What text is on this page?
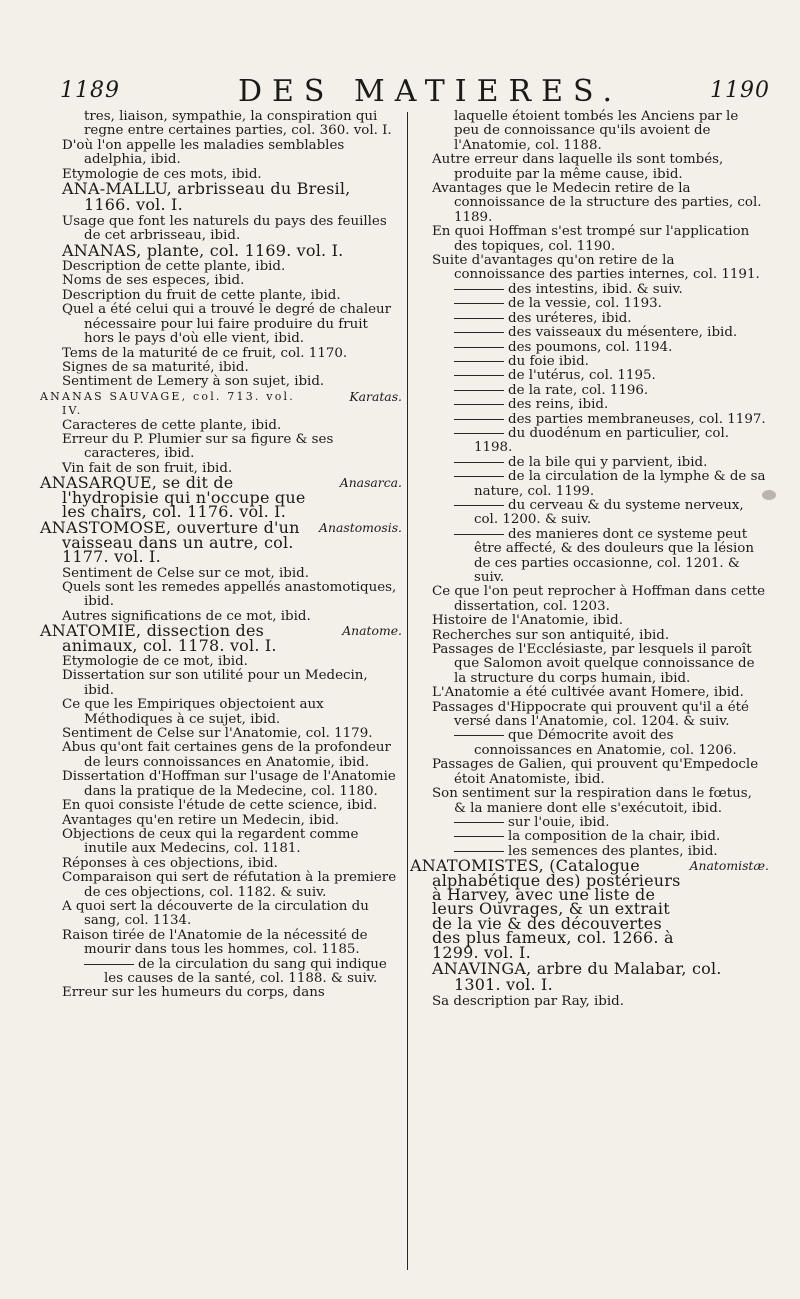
1189	DES MATIERES.	1190

tres, liaison, sympathie, la conspiration qui regne entre certaines parties, col. 360. vol. I.

D'où l'on appelle les maladies semblables adelphia, ibid.

Etymologie de ces mots, ibid.

ANA-MALLU, arbrisseau du Bresil, 1166. vol. I.

Usage que font les naturels du pays des feuilles de cet arbrisseau, ibid.

ANANAS, plante, col. 1169. vol. I.

Description de cette plante, ibid.

Noms de ses especes, ibid.

Description du fruit de cette plante, ibid.

Quel a été celui qui a trouvé le degré de chaleur nécessaire pour lui faire produire du fruit hors le pays d'où elle vient, ibid.

Tems de la maturité de ce fruit, col. 1170.

Signes de sa maturité, ibid.

Sentiment de Lemery à son sujet, ibid.

ANANAS SAUVAGE, col. 713. vol. IV.
Karatas.

Caracteres de cette plante, ibid.

Erreur du P. Plumier sur sa figure & ses caracteres, ibid.

Vin fait de son fruit, ibid.

ANASARQUE, se dit de l'hydropisie qui n'occupe que les chairs, col. 1176. vol. I.
Anasarca.

ANASTOMOSE, ouverture d'un vaisseau dans un autre, col. 1177. vol. I.
Anastomosis.

Sentiment de Celse sur ce mot, ibid.

Quels sont les remedes appellés anastomotiques, ibid.

Autres significations de ce mot, ibid.

ANATOMIE, dissection des animaux, col. 1178. vol. I.
Anatome.

Etymologie de ce mot, ibid.

Dissertation sur son utilité pour un Medecin, ibid.

Ce que les Empiriques objectoient aux Méthodiques à ce sujet, ibid.

Sentiment de Celse sur l'Anatomie, col. 1179.

Abus qu'ont fait certaines gens de la profondeur de leurs connoissances en Anatomie, ibid.

Dissertation d'Hoffman sur l'usage de l'Anatomie dans la pratique de la Medecine, col. 1180.

En quoi consiste l'étude de cette science, ibid.

Avantages qu'en retire un Medecin, ibid.

Objections de ceux qui la regardent comme inutile aux Medecins, col. 1181.

Réponses à ces objections, ibid.

Comparaison qui sert de réfutation à la premiere de ces objections, col. 1182. & suiv.

A quoi sert la découverte de la circulation du sang, col. 1134.

Raison tirée de l'Anatomie de la nécessité de mourir dans tous les hommes, col. 1185.

de la circulation du sang qui indique les causes de la santé, col. 1188. & suiv.

Erreur sur les humeurs du corps, dans

laquelle étoient tombés les Anciens par le peu de connoissance qu'ils avoient de l'Anatomie, col. 1188.

Autre erreur dans laquelle ils sont tombés, produite par la même cause, ibid.

Avantages que le Medecin retire de la connoissance de la structure des parties, col. 1189.

En quoi Hoffman s'est trompé sur l'application des topiques, col. 1190.

Suite d'avantages qu'on retire de la connoissance des parties internes, col. 1191.

des intestins, ibid. & suiv.

de la vessie, col. 1193.

des uréteres, ibid.

des vaisseaux du mésentere, ibid.

des poumons, col. 1194.

du foie ibid.

de l'utérus, col. 1195.

de la rate, col. 1196.

des reins, ibid.

des parties membraneuses, col. 1197.

du duodénum en particulier, col. 1198.

de la bile qui y parvient, ibid.

de la circulation de la lymphe & de sa nature, col. 1199.

du cerveau & du systeme nerveux, col. 1200. & suiv.

des manieres dont ce systeme peut être affecté, & des douleurs que la lésion de ces parties occasionne, col. 1201. & suiv.

Ce que l'on peut reprocher à Hoffman dans cette dissertation, col. 1203.

Histoire de l'Anatomie, ibid.

Recherches sur son antiquité, ibid.

Passages de l'Ecclésiaste, par lesquels il paroît que Salomon avoit quelque connoissance de la structure du corps humain, ibid.

L'Anatomie a été cultivée avant Homere, ibid.

Passages d'Hippocrate qui prouvent qu'il a été versé dans l'Anatomie, col. 1204. & suiv.

que Démocrite avoit des connoissances en Anatomie, col. 1206.

Passages de Galien, qui prouvent qu'Empedocle étoit Anatomiste, ibid.

Son sentiment sur la respiration dans le fœtus, & la maniere dont elle s'exécutoit, ibid.

sur l'ouie, ibid.

la composition de la chair, ibid.

les semences des plantes, ibid.

ANATOMISTES, (Catalogue alphabétique des) postérieurs à Harvey, avec une liste de leurs Ouvrages, & un extrait de la vie & des découvertes des plus fameux, col. 1266. à 1299. vol. I.
Anatomistæ.

ANAVINGA, arbre du Malabar, col. 1301. vol. I.

Sa description par Ray, ibid.
